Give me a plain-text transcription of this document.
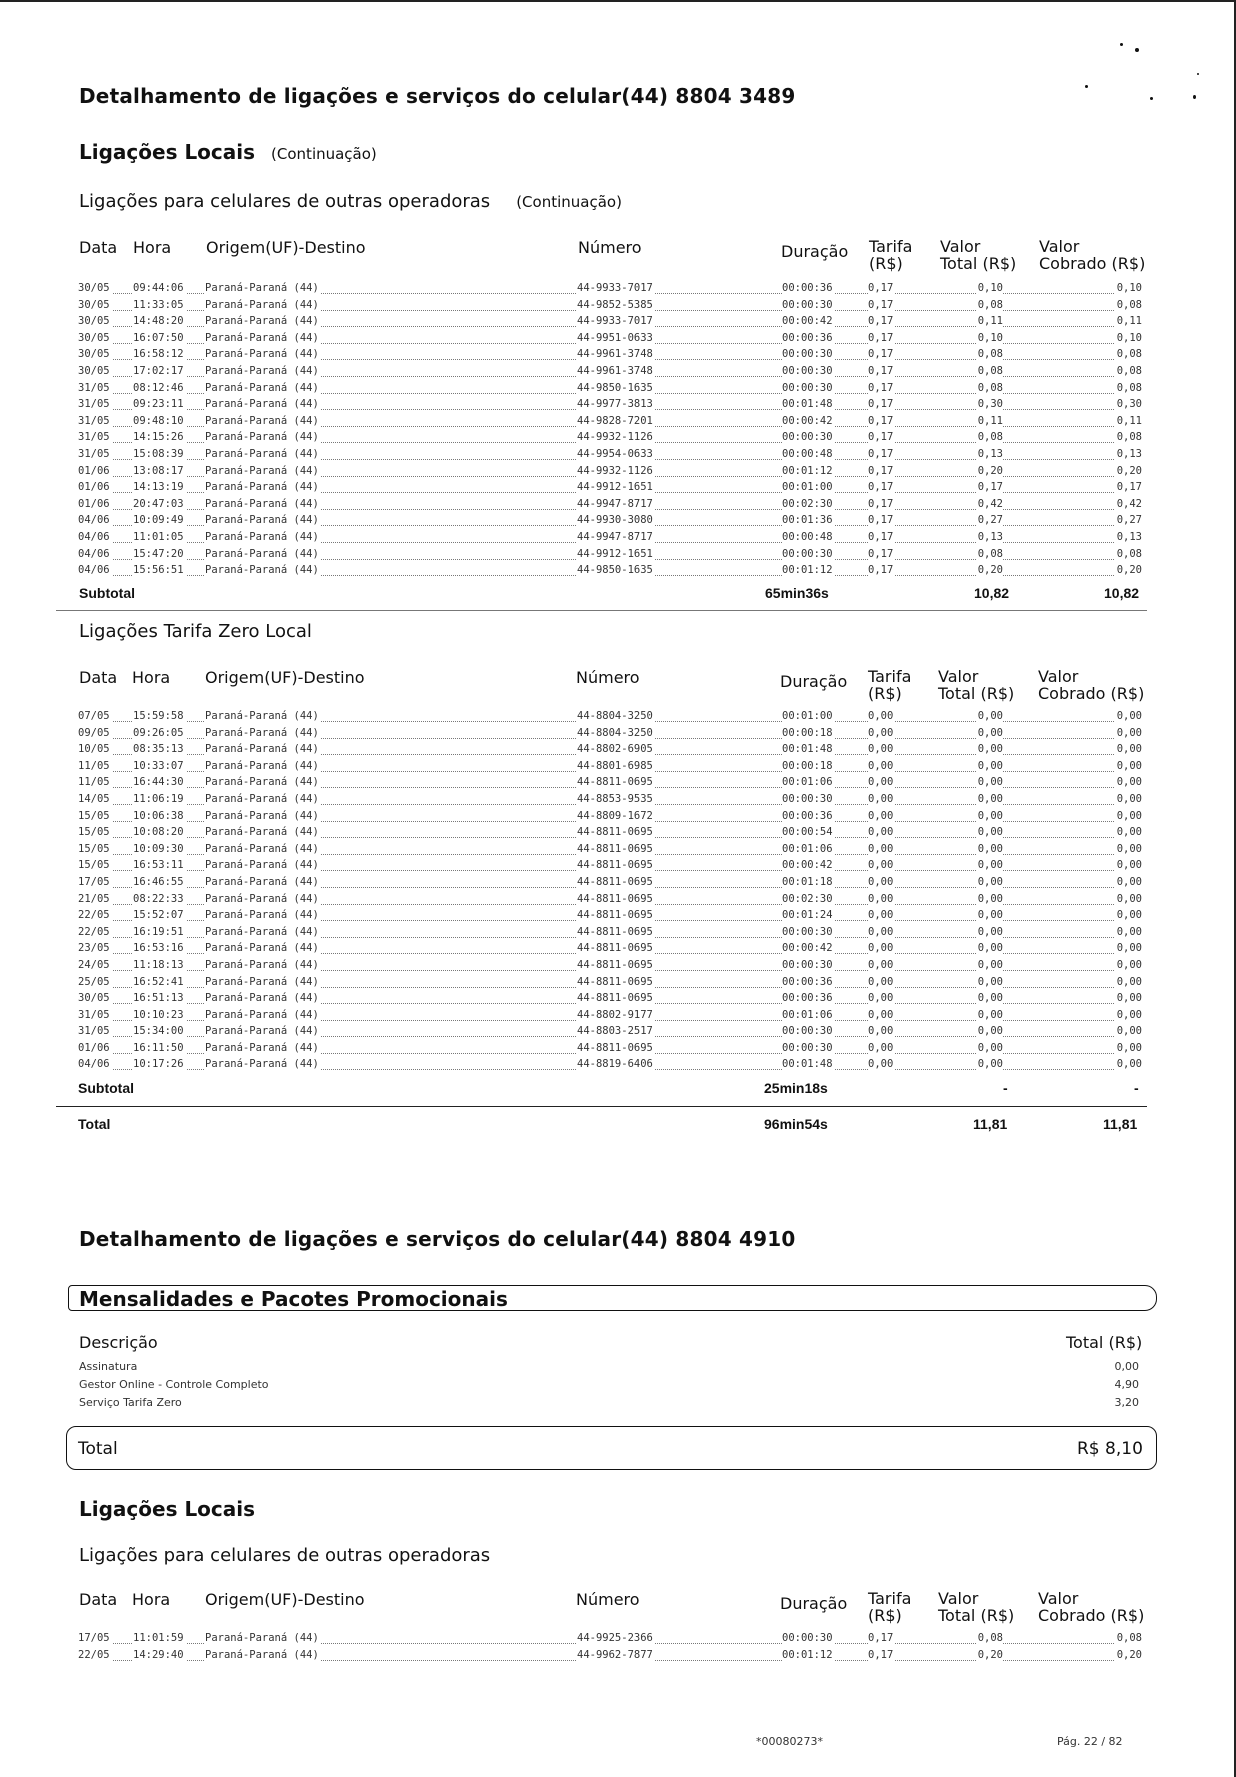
Detalhamento de ligações e serviços do celular(44) 8804 3489
Ligações Locais (Continuação)
Ligações para celulares de outras operadoras (Continuação)
Data Hora Origem(UF)-Destino	Número	Duração Tarifa
(R$)
Valor
Total (R$)
Valor
Cobrado (R$)
30/05 09:44:06 Paraná-Paraná (44)	44-9933-7017	00:00:36	0,17	0,10	0,10
30/05 11:33:05 Paraná-Paraná (44)	44-9852-5385	00:00:30	0,17	0,08	0,08
30/05 14:48:20 Paraná-Paraná (44)	44-9933-7017	00:00:42	0,17	0,11	0,11
30/05 16:07:50 Paraná-Paraná (44)	44-9951-0633	00:00:36	0,17	0,10	0,10
30/05 16:58:12 Paraná-Paraná (44)	44-9961-3748	00:00:30	0,17	0,08	0,08
30/05 17:02:17 Paraná-Paraná (44)	44-9961-3748	00:00:30	0,17	0,08	0,08
31/05 08:12:46 Paraná-Paraná (44)	44-9850-1635	00:00:30	0,17	0,08	0,08
31/05 09:23:11 Paraná-Paraná (44)	44-9977-3813	00:01:48	0,17	0,30	0,30
31/05 09:48:10 Paraná-Paraná (44)	44-9828-7201	00:00:42	0,17	0,11	0,11
31/05 14:15:26 Paraná-Paraná (44)	44-9932-1126	00:00:30	0,17	0,08	0,08
31/05 15:08:39 Paraná-Paraná (44)	44-9954-0633	00:00:48	0,17	0,13	0,13
01/06 13:08:17 Paraná-Paraná (44)	44-9932-1126	00:01:12	0,17	0,20	0,20
01/06 14:13:19 Paraná-Paraná (44)	44-9912-1651	00:01:00	0,17	0,17	0,17
01/06 20:47:03 Paraná-Paraná (44)	44-9947-8717	00:02:30	0,17	0,42	0,42
04/06 10:09:49 Paraná-Paraná (44)	44-9930-3080	00:01:36	0,17	0,27	0,27
04/06 11:01:05 Paraná-Paraná (44)	44-9947-8717	00:00:48	0,17	0,13	0,13
04/06 15:47:20 Paraná-Paraná (44)	44-9912-1651	00:00:30	0,17	0,08	0,08
04/06 15:56:51 Paraná-Paraná (44)	44-9850-1635	00:01:12	0,17	0,20	0,20
Subtotal	65min36s	10,82	10,82
Ligações Tarifa Zero Local
Data Hora Origem(UF)-Destino	Número	Duração Tarifa
(R$)
Valor
Total (R$)
Valor
Cobrado (R$)
07/05 15:59:58 Paraná-Paraná (44)	44-8804-3250	00:01:00	0,00	0,00	0,00
09/05 09:26:05 Paraná-Paraná (44)	44-8804-3250	00:00:18	0,00	0,00	0,00
10/05 08:35:13 Paraná-Paraná (44)	44-8802-6905	00:01:48	0,00	0,00	0,00
11/05 10:33:07 Paraná-Paraná (44)	44-8801-6985	00:00:18	0,00	0,00	0,00
11/05 16:44:30 Paraná-Paraná (44)	44-8811-0695	00:01:06	0,00	0,00	0,00
14/05 11:06:19 Paraná-Paraná (44)	44-8853-9535	00:00:30	0,00	0,00	0,00
15/05 10:06:38 Paraná-Paraná (44)	44-8809-1672	00:00:36	0,00	0,00	0,00
15/05 10:08:20 Paraná-Paraná (44)	44-8811-0695	00:00:54	0,00	0,00	0,00
15/05 10:09:30 Paraná-Paraná (44)	44-8811-0695	00:01:06	0,00	0,00	0,00
15/05 16:53:11 Paraná-Paraná (44)	44-8811-0695	00:00:42	0,00	0,00	0,00
17/05 16:46:55 Paraná-Paraná (44)	44-8811-0695	00:01:18	0,00	0,00	0,00
21/05 08:22:33 Paraná-Paraná (44)	44-8811-0695	00:02:30	0,00	0,00	0,00
22/05 15:52:07 Paraná-Paraná (44)	44-8811-0695	00:01:24	0,00	0,00	0,00
22/05 16:19:51 Paraná-Paraná (44)	44-8811-0695	00:00:30	0,00	0,00	0,00
23/05 16:53:16 Paraná-Paraná (44)	44-8811-0695	00:00:42	0,00	0,00	0,00
24/05 11:18:13 Paraná-Paraná (44)	44-8811-0695	00:00:30	0,00	0,00	0,00
25/05 16:52:41 Paraná-Paraná (44)	44-8811-0695	00:00:36	0,00	0,00	0,00
30/05 16:51:13 Paraná-Paraná (44)	44-8811-0695	00:00:36	0,00	0,00	0,00
31/05 10:10:23 Paraná-Paraná (44)	44-8802-9177	00:01:06	0,00	0,00	0,00
31/05 15:34:00 Paraná-Paraná (44)	44-8803-2517	00:00:30	0,00	0,00	0,00
01/06 16:11:50 Paraná-Paraná (44)	44-8811-0695	00:00:30	0,00	0,00	0,00
04/06 10:17:26 Paraná-Paraná (44)	44-8819-6406	00:01:48	0,00	0,00	0,00
Subtotal	25min18s	-	-
Total	96min54s	11,81	11,81
Detalhamento de ligações e serviços do celular(44) 8804 4910
Mensalidades e Pacotes Promocionais
Descrição	Total (R$)
Assinatura	0,00
Gestor Online - Controle Completo	4,90
Serviço Tarifa Zero	3,20
Total	R$ 8,10
Ligações Locais
Ligações para celulares de outras operadoras
Data Hora Origem(UF)-Destino	Número	Duração Tarifa
(R$)
Valor
Total (R$)
Valor
Cobrado (R$)
17/05 11:01:59 Paraná-Paraná (44)	44-9925-2366	00:00:30	0,17	0,08	0,08
22/05 14:29:40 Paraná-Paraná (44)	44-9962-7877	00:01:12	0,17	0,20	0,20
*00080273*	Pág. 22 / 82
